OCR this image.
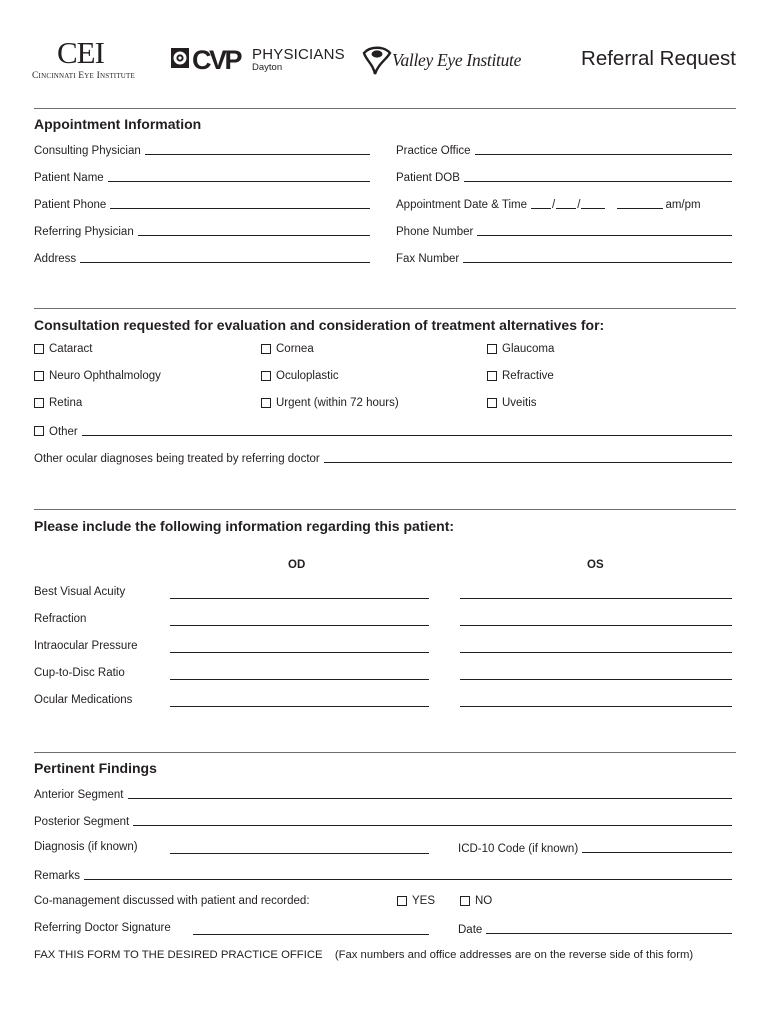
CEI
Cincinnati Eye Institute
CVP PHYSICIANS
Dayton	Valley Eye Institute	Referral Request
Appointment Information
Consulting Physician	Practice Office
Patient Name	Patient DOB
Patient Phone	Appointment Date & Time	/ /	am/pm
Referring Physician	Phone Number
Address	Fax Number
Consultation requested for evaluation and consideration of treatment alternatives for:
Cataract	Cornea	Glaucoma
Neuro Ophthalmology	Oculoplastic	Refractive
Retina	Urgent (within 72 hours)	Uveitis
Other
Other ocular diagnoses being treated by referring doctor
Please include the following information regarding this patient:
OD	OS
Best Visual Acuity
Refraction
Intraocular Pressure
Cup-to-Disc Ratio
Ocular Medications
Pertinent Findings
Anterior Segment
Posterior Segment
Diagnosis (if known)	ICD-10 Code (if known)
Remarks
Co-management discussed with patient and recorded:	YES	NO
Referring Doctor Signature	Date
FAX THIS FORM TO THE DESIRED PRACTICE OFFICE (Fax numbers and office addresses are on the reverse side of this form)
